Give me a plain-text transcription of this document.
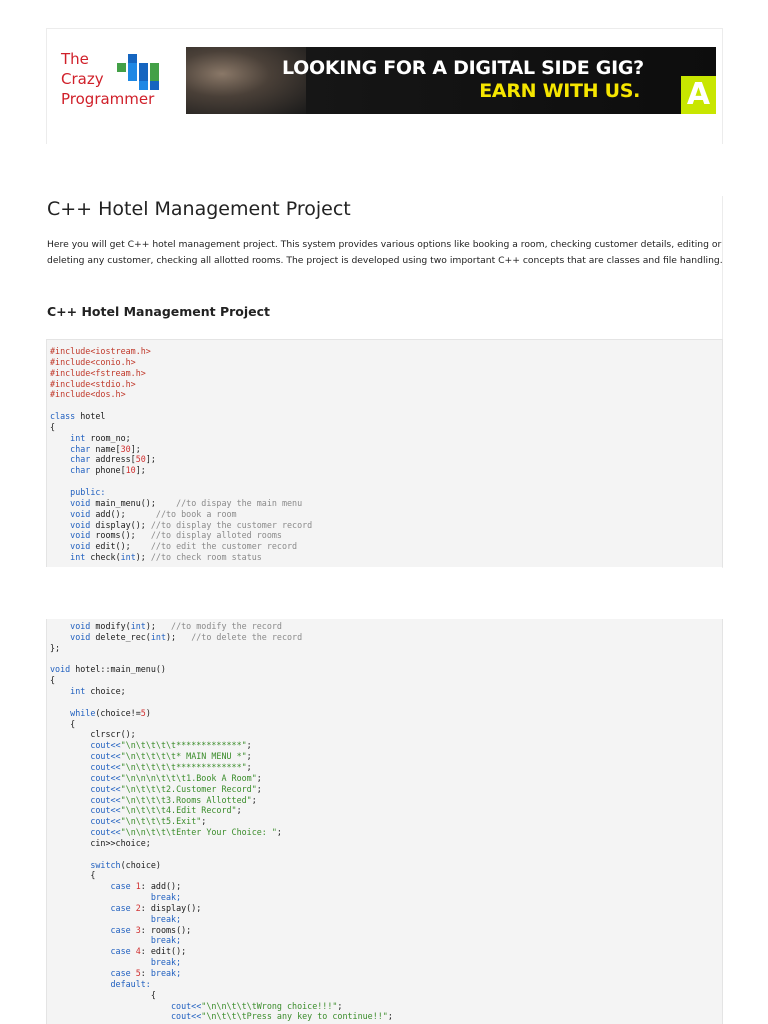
The
Crazy
Programmer
LOOKING FOR A DIGITAL SIDE GIG?
EARN WITH US. A
C++ Hotel Management Project
Here you will get C++ hotel management project. This system provides various options like booking a room, checking customer details, editing or deleting any customer, checking all allotted rooms. The project is developed using two important C++ concepts that are classes and file handling.
C++ Hotel Management Project
#include<iostream.h>
#include<conio.h>
#include<fstream.h>
#include<stdio.h>
#include<dos.h>

class hotel
{
int room_no;
char name[30];
char address[50];
char phone[10];

public:
void main_menu();    //to dispay the main menu
void add();      //to book a room
void display(); //to display the customer record
void rooms();   //to display alloted rooms
void edit();    //to edit the customer record
int check(int); //to check room status
void modify(int);   //to modify the record
void delete_rec(int);   //to delete the record
};

void hotel::main_menu()
{
int choice;

while(choice!=5)
{
clrscr();
cout<<"\n\t\t\t\t*************";
cout<<"\n\t\t\t\t* MAIN MENU *";
cout<<"\n\t\t\t\t*************";
cout<<"\n\n\n\t\t\t1.Book A Room";
cout<<"\n\t\t\t2.Customer Record";
cout<<"\n\t\t\t3.Rooms Allotted";
cout<<"\n\t\t\t4.Edit Record";
cout<<"\n\t\t\t5.Exit";
cout<<"\n\n\t\t\tEnter Your Choice: ";
cin>>choice;

switch(choice)
{
case 1: add();
break;
case 2: display();
break;
case 3: rooms();
break;
case 4: edit();
break;
case 5: break;
default:
{
cout<<"\n\n\t\t\tWrong choice!!!";
cout<<"\n\t\t\tPress any key to continue!!";
